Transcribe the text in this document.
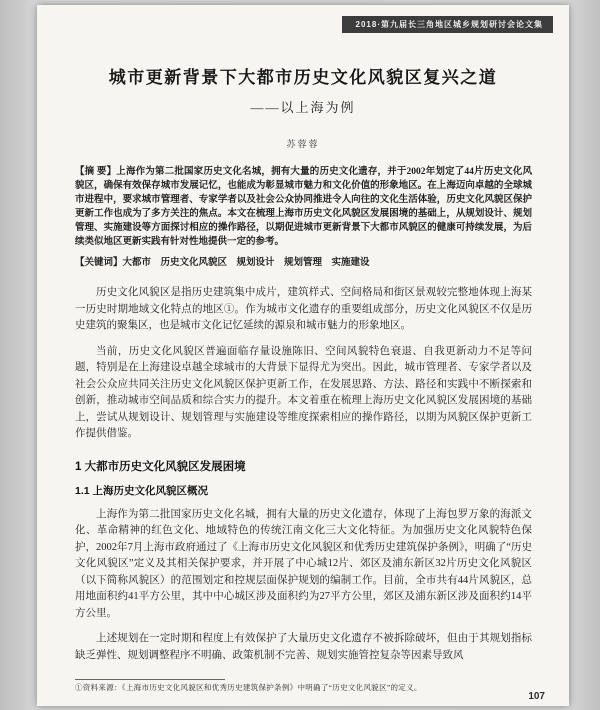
2018·第九届长三角地区城乡规划研讨会论文集
城市更新背景下大都市历史文化风貌区复兴之道
——以上海为例
苏蓉蓉

【摘 要】上海作为第二批国家历史文化名城，拥有大量的历史文化遗存，并于2002年划定了44片历史文化风貌区，确保有效保存城市发展记忆，也能成为彰显城市魅力和文化价值的形象地区。在上海迈向卓越的全球城市进程中，要求城市管理者、专家学者以及社会公众协同推进令人向往的文化生活体验，历史文化风貌区保护更新工作也成为了多方关注的焦点。本文在梳理上海市历史文化风貌区发展困境的基础上，从规划设计、规划管理、实施建设等方面探讨相应的操作路径，以期促进城市更新背景下大都市风貌区的健康可持续发展，为后续类似地区更新实践有针对性地提供一定的参考。

【关键词】大都市　历史文化风貌区　规划设计　规划管理　实施建设

历史文化风貌区是指历史建筑集中成片，建筑样式、空间格局和街区景观较完整地体现上海某一历史时期地域文化特点的地区①。作为城市文化遗存的重要组成部分，历史文化风貌区不仅是历史建筑的聚集区，也是城市文化记忆延续的源泉和城市魅力的形象地区。

当前，历史文化风貌区普遍面临存量设施陈旧、空间风貌特色衰退、自我更新动力不足等问题，特别是在上海建设卓越全球城市的大背景下显得尤为突出。因此，城市管理者、专家学者以及社会公众应共同关注历史文化风貌区保护更新工作，在发展思路、方法、路径和实践中不断探索和创新，推动城市空间品质和综合实力的提升。本文着重在梳理上海历史文化风貌区发展困境的基础上，尝试从规划设计、规划管理与实施建设等维度探索相应的操作路径，以期为风貌区保护更新工作提供借鉴。

1 大都市历史文化风貌区发展困境
1.1 上海历史文化风貌区概况

上海作为第二批国家历史文化名城，拥有大量的历史文化遗存，体现了上海包罗万象的海派文化、革命精神的红色文化、地域特色的传统江南文化三大文化特征。为加强历史文化风貌特色保护，2002年7月上海市政府通过了《上海市历史文化风貌区和优秀历史建筑保护条例》，明确了“历史文化风貌区”定义及其相关保护要求，并开展了中心城12片、郊区及浦东新区32片历史文化风貌区（以下简称风貌区）的范围划定和控规层面保护规划的编制工作。目前，全市共有44片风貌区，总用地面积约41平方公里，其中中心城区涉及面积约为27平方公里，郊区及浦东新区涉及面积约14平方公里。

上述规划在一定时期和程度上有效保护了大量历史文化遗存不被拆除破坏，但由于其规划指标缺乏弹性、规划调整程序不明确、政策机制不完善、规划实施管控复杂等因素导致风

①资料来源：《上海市历史文化风貌区和优秀历史建筑保护条例》中明确了“历史文化风貌区”的定义。
107
